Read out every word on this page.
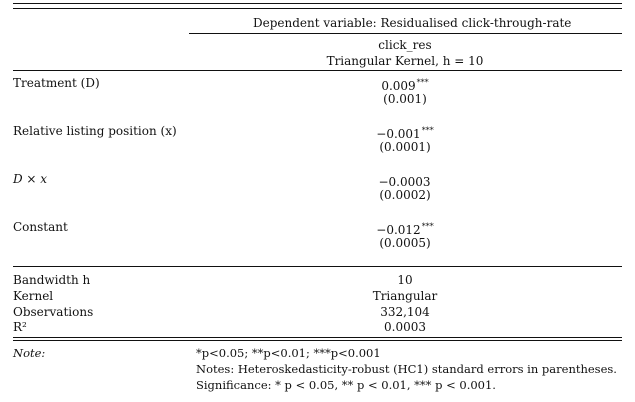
Dependent variable: Residualised click-through-rate
click_res
Triangular Kernel, h = 10
Treatment (D)	0.009***
(0.001)
Relative listing position (x)	−0.001***
(0.0001)
D × x	−0.0003
(0.0002)
Constant	−0.012***
(0.0005)
Bandwidth h	10
Kernel	Triangular
Observations	332,104
R²	0.0003
Note:	*p<0.05; **p<0.01; ***p<0.001
Notes: Heteroskedasticity-robust (HC1) standard errors in parentheses.
Significance: * p < 0.05, ** p < 0.01, *** p < 0.001.
